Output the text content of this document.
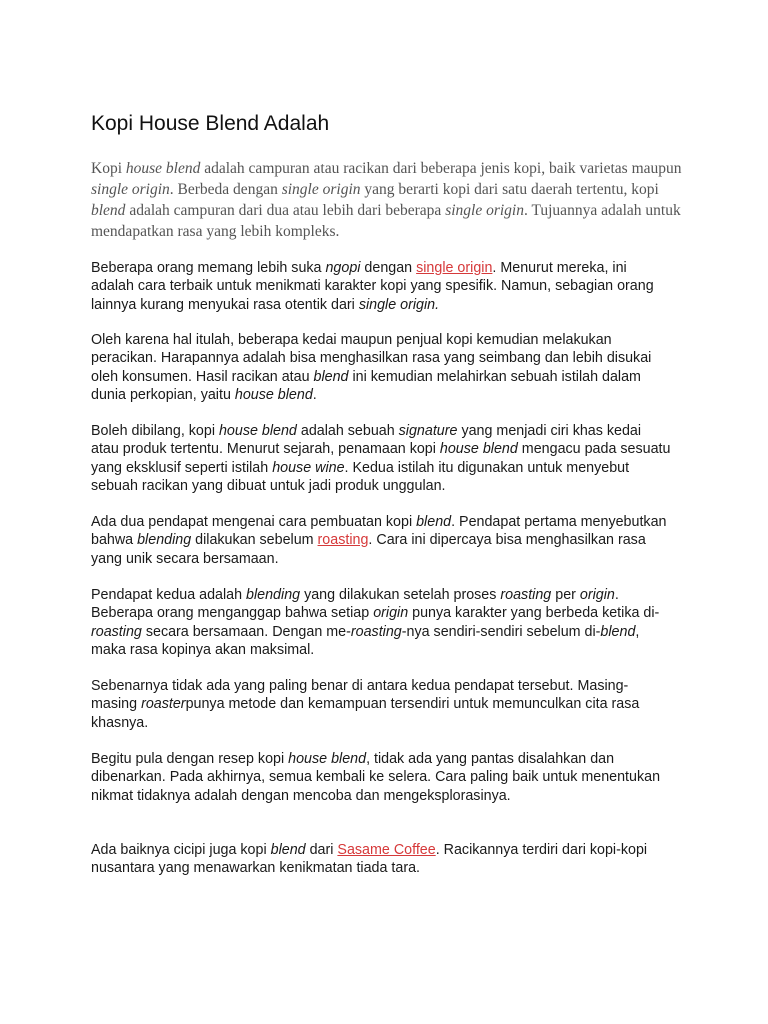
Kopi House Blend Adalah

Kopi house blend adalah campuran atau racikan dari beberapa jenis kopi, baik varietas maupun single origin. Berbeda dengan single origin yang berarti kopi dari satu daerah tertentu, kopi blend adalah campuran dari dua atau lebih dari beberapa single origin. Tujuannya adalah untuk mendapatkan rasa yang lebih kompleks.

Beberapa orang memang lebih suka ngopi dengan single origin. Menurut mereka, ini adalah cara terbaik untuk menikmati karakter kopi yang spesifik. Namun, sebagian orang lainnya kurang menyukai rasa otentik dari single origin.

Oleh karena hal itulah, beberapa kedai maupun penjual kopi kemudian melakukan peracikan. Harapannya adalah bisa menghasilkan rasa yang seimbang dan lebih disukai oleh konsumen. Hasil racikan atau blend ini kemudian melahirkan sebuah istilah dalam dunia perkopian, yaitu house blend.

Boleh dibilang, kopi house blend adalah sebuah signature yang menjadi ciri khas kedai atau produk tertentu. Menurut sejarah, penamaan kopi house blend mengacu pada sesuatu yang eksklusif seperti istilah house wine. Kedua istilah itu digunakan untuk menyebut sebuah racikan yang dibuat untuk jadi produk unggulan.

Ada dua pendapat mengenai cara pembuatan kopi blend. Pendapat pertama menyebutkan bahwa blending dilakukan sebelum roasting. Cara ini dipercaya bisa menghasilkan rasa yang unik secara bersamaan.

Pendapat kedua adalah blending yang dilakukan setelah proses roasting per origin. Beberapa orang menganggap bahwa setiap origin punya karakter yang berbeda ketika di-roasting secara bersamaan. Dengan me-roasting-nya sendiri-sendiri sebelum di-blend, maka rasa kopinya akan maksimal.

Sebenarnya tidak ada yang paling benar di antara kedua pendapat tersebut. Masing-masing roasterpunya metode dan kemampuan tersendiri untuk memunculkan cita rasa khasnya.

Begitu pula dengan resep kopi house blend, tidak ada yang pantas disalahkan dan dibenarkan. Pada akhirnya, semua kembali ke selera. Cara paling baik untuk menentukan nikmat tidaknya adalah dengan mencoba dan mengeksplorasinya.

Ada baiknya cicipi juga kopi blend dari Sasame Coffee. Racikannya terdiri dari kopi-kopi nusantara yang menawarkan kenikmatan tiada tara.
